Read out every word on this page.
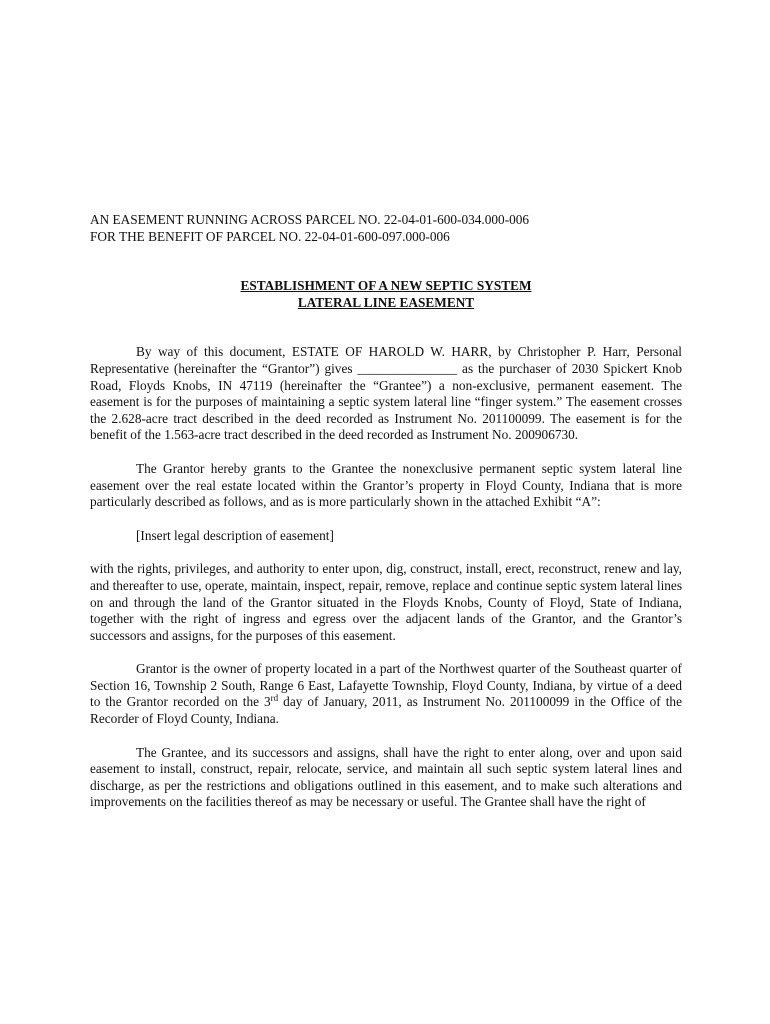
AN EASEMENT RUNNING ACROSS PARCEL NO. 22-04-01-600-034.000-006
FOR THE BENEFIT OF PARCEL NO. 22-04-01-600-097.000-006
ESTABLISHMENT OF A NEW SEPTIC SYSTEM
LATERAL LINE EASEMENT

By way of this document, ESTATE OF HAROLD W. HARR, by Christopher P. Harr, Personal Representative (hereinafter the “Grantor”) gives _______________ as the purchaser of 2030 Spickert Knob Road, Floyds Knobs, IN 47119 (hereinafter the “Grantee”) a non-exclusive, permanent easement. The easement is for the purposes of maintaining a septic system lateral line “finger system.” The easement crosses the 2.628-acre tract described in the deed recorded as Instrument No. 201100099. The easement is for the benefit of the 1.563-acre tract described in the deed recorded as Instrument No. 200906730.

The Grantor hereby grants to the Grantee the nonexclusive permanent septic system lateral line easement over the real estate located within the Grantor’s property in Floyd County, Indiana that is more particularly described as follows, and as is more particularly shown in the attached Exhibit “A”:

[Insert legal description of easement]

with the rights, privileges, and authority to enter upon, dig, construct, install, erect, reconstruct, renew and lay, and thereafter to use, operate, maintain, inspect, repair, remove, replace and continue septic system lateral lines on and through the land of the Grantor situated in the Floyds Knobs, County of Floyd, State of Indiana, together with the right of ingress and egress over the adjacent lands of the Grantor, and the Grantor’s successors and assigns, for the purposes of this easement.

Grantor is the owner of property located in a part of the Northwest quarter of the Southeast quarter of Section 16, Township 2 South, Range 6 East, Lafayette Township, Floyd County, Indiana, by virtue of a deed to the Grantor recorded on the 3rd day of January, 2011, as Instrument No. 201100099 in the Office of the Recorder of Floyd County, Indiana.

The Grantee, and its successors and assigns, shall have the right to enter along, over and upon said easement to install, construct, repair, relocate, service, and maintain all such septic system lateral lines and discharge, as per the restrictions and obligations outlined in this easement, and to make such alterations and improvements on the facilities thereof as may be necessary or useful. The Grantee shall have the right of
